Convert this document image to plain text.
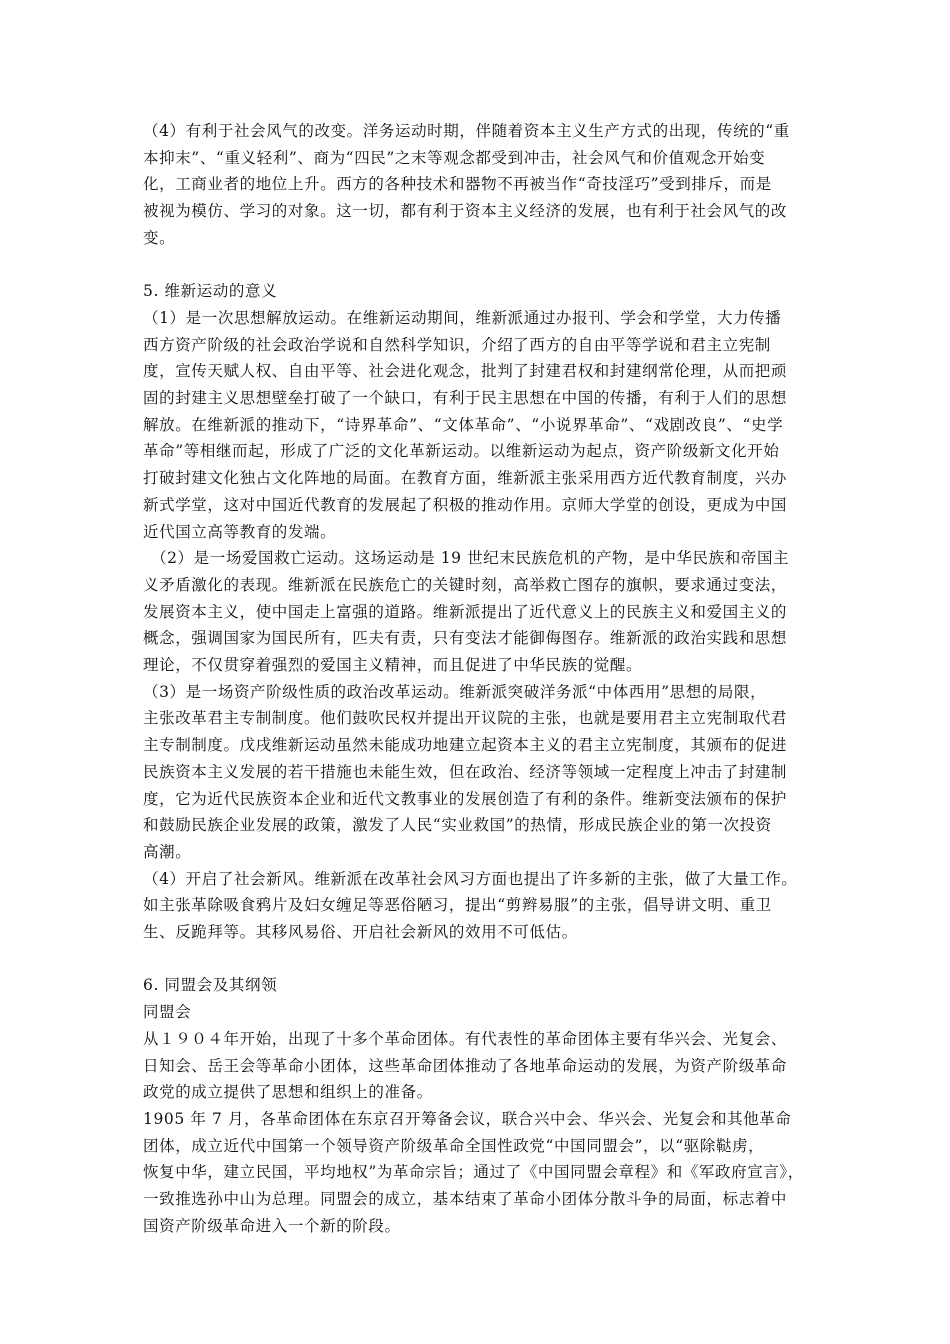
（4）有利于社会风气的改变。洋务运动时期，伴随着资本主义生产方式的出现，传统的“重
本抑末”、“重义轻利”、商为“四民”之末等观念都受到冲击，社会风气和价值观念开始变
化，工商业者的地位上升。西方的各种技术和器物不再被当作“奇技淫巧”受到排斥，而是
被视为模仿、学习的对象。这一切，都有利于资本主义经济的发展，也有利于社会风气的改
变。
5. 维新运动的意义
（1）是一次思想解放运动。在维新运动期间，维新派通过办报刊、学会和学堂，大力传播
西方资产阶级的社会政治学说和自然科学知识，介绍了西方的自由平等学说和君主立宪制
度，宣传天赋人权、自由平等、社会进化观念，批判了封建君权和封建纲常伦理，从而把顽
固的封建主义思想壁垒打破了一个缺口，有利于民主思想在中国的传播，有利于人们的思想
解放。在维新派的推动下，“诗界革命”、“文体革命”、“小说界革命”、“戏剧改良”、“史学
革命”等相继而起，形成了广泛的文化革新运动。以维新运动为起点，资产阶级新文化开始
打破封建文化独占文化阵地的局面。在教育方面，维新派主张采用西方近代教育制度，兴办
新式学堂，这对中国近代教育的发展起了积极的推动作用。京师大学堂的创设，更成为中国
近代国立高等教育的发端。
（2）是一场爱国救亡运动。这场运动是 19 世纪末民族危机的产物，是中华民族和帝国主
义矛盾激化的表现。维新派在民族危亡的关键时刻，高举救亡图存的旗帜，要求通过变法，
发展资本主义，使中国走上富强的道路。维新派提出了近代意义上的民族主义和爱国主义的
概念，强调国家为国民所有，匹夫有责，只有变法才能御侮图存。维新派的政治实践和思想
理论，不仅贯穿着强烈的爱国主义精神，而且促进了中华民族的觉醒。
（3）是一场资产阶级性质的政治改革运动。维新派突破洋务派“中体西用”思想的局限，
主张改革君主专制制度。他们鼓吹民权并提出开议院的主张，也就是要用君主立宪制取代君
主专制制度。戊戌维新运动虽然未能成功地建立起资本主义的君主立宪制度，其颁布的促进
民族资本主义发展的若干措施也未能生效，但在政治、经济等领域一定程度上冲击了封建制
度，它为近代民族资本企业和近代文教事业的发展创造了有利的条件。维新变法颁布的保护
和鼓励民族企业发展的政策，激发了人民“实业救国”的热情，形成民族企业的第一次投资
高潮。
（4）开启了社会新风。维新派在改革社会风习方面也提出了许多新的主张，做了大量工作。
如主张革除吸食鸦片及妇女缠足等恶俗陋习，提出“剪辫易服”的主张，倡导讲文明、重卫
生、反跪拜等。其移风易俗、开启社会新风的效用不可低估。
6. 同盟会及其纲领
同盟会
从１９０４年开始，出现了十多个革命团体。有代表性的革命团体主要有华兴会、光复会、
日知会、岳王会等革命小团体，这些革命团体推动了各地革命运动的发展，为资产阶级革命
政党的成立提供了思想和组织上的准备。
1905 年 7 月，各革命团体在东京召开筹备会议，联合兴中会、华兴会、光复会和其他革命
团体，成立近代中国第一个领导资产阶级革命全国性政党“中国同盟会”，以“驱除鞑虏，
恢复中华，建立民国，平均地权”为革命宗旨；通过了《中国同盟会章程》和《军政府宣言》，
一致推选孙中山为总理。同盟会的成立，基本结束了革命小团体分散斗争的局面，标志着中
国资产阶级革命进入一个新的阶段。
